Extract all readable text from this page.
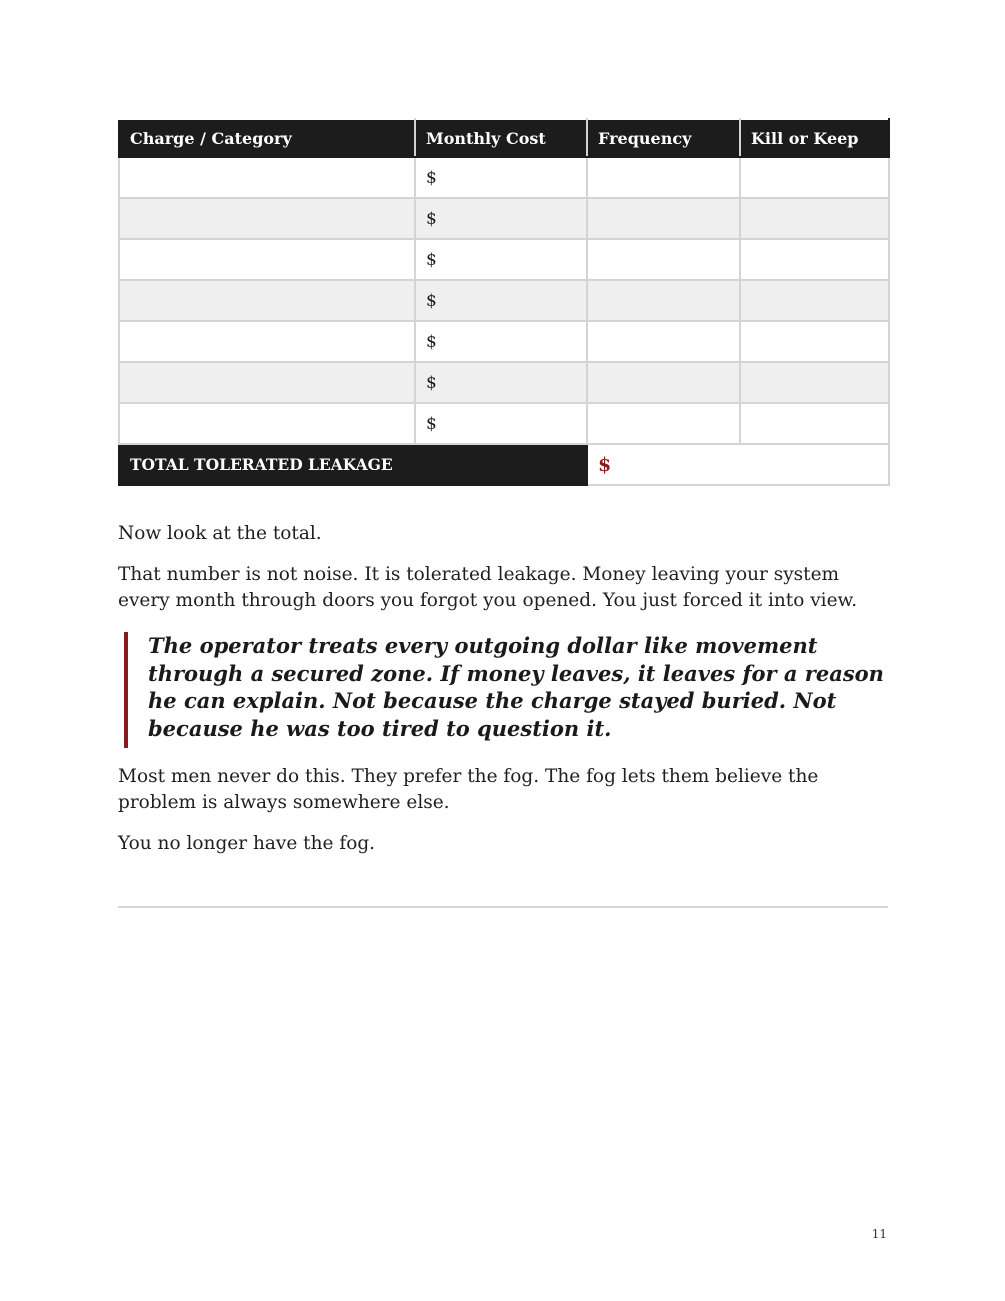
Charge / Category	Monthly Cost	Frequency	Kill or Keep
	$		
	$		
	$		
	$		
	$		
	$		
	$		
TOTAL TOLERATED LEAKAGE		$	

Now look at the total.

That number is not noise. It is tolerated leakage. Money leaving your system every month through doors you forgot you opened. You just forced it into view.

The operator treats every outgoing dollar like movement through a secured zone. If money leaves, it leaves for a reason he can explain. Not because the charge stayed buried. Not because he was too tired to question it.

Most men never do this. They prefer the fog. The fog lets them believe the problem is always somewhere else.

You no longer have the fog.

11
